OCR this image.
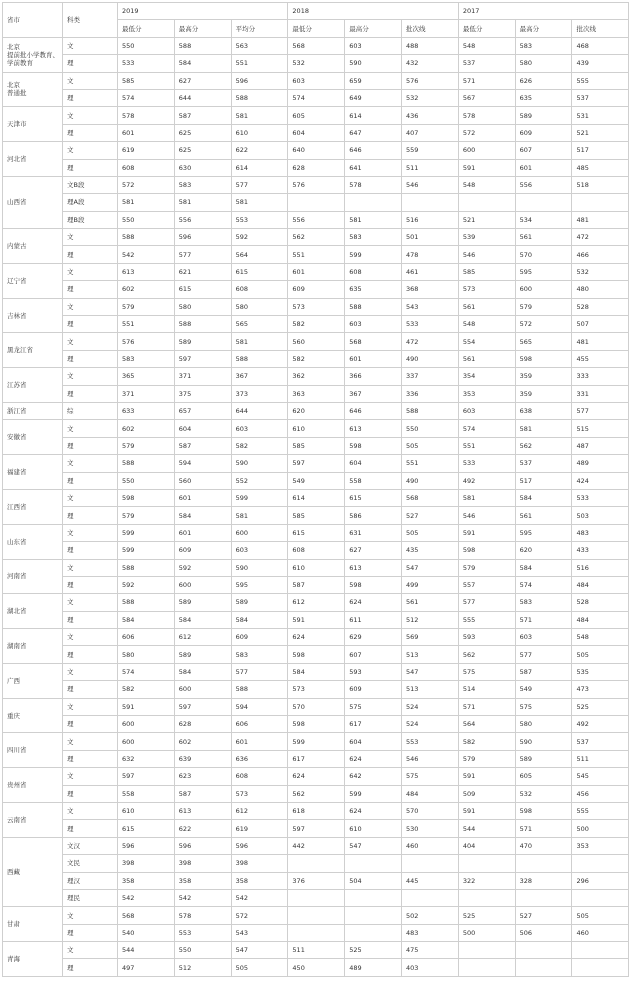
省市	科类	2019			2018			2017		
		最低分	最高分	平均分	最低分	最高分	批次线	最低分	最高分	批次线

北京
提前批小学教育、学前教育	文	550	588	563	568	603	488	548	583	468
	理	533	584	551	532	590	432	537	580	439

北京
普通批	文	585	627	596	603	659	576	571	626	555
	理	574	644	588	574	649	532	567	635	537

天津市	文	578	587	581	605	614	436	578	589	531
	理	601	625	610	604	647	407	572	609	521

河北省	文	619	625	622	640	646	559	600	607	517
	理	608	630	614	628	641	511	591	601	485

山西省	文B段	572	583	577	576	578	546	548	556	518
	理A段	581	581	581						
	理B段	550	556	553	556	581	516	521	534	481

内蒙古	文	588	596	592	562	583	501	539	561	472
	理	542	577	564	551	599	478	546	570	466

辽宁省	文	613	621	615	601	608	461	585	595	532
	理	602	615	608	609	635	368	573	600	480

吉林省	文	579	580	580	573	588	543	561	579	528
	理	551	588	565	582	603	533	548	572	507

黑龙江省	文	576	589	581	560	568	472	554	565	481
	理	583	597	588	582	601	490	561	598	455

江苏省	文	365	371	367	362	366	337	354	359	333
	理	371	375	373	363	367	336	353	359	331

浙江省	综	633	657	644	620	646	588	603	638	577

安徽省	文	602	604	603	610	613	550	574	581	515
	理	579	587	582	585	598	505	551	562	487

福建省	文	588	594	590	597	604	551	533	537	489
	理	550	560	552	549	558	490	492	517	424

江西省	文	598	601	599	614	615	568	581	584	533
	理	579	584	581	585	586	527	546	561	503

山东省	文	599	601	600	615	631	505	591	595	483
	理	599	609	603	608	627	435	598	620	433

河南省	文	588	592	590	610	613	547	579	584	516
	理	592	600	595	587	598	499	557	574	484

湖北省	文	588	589	589	612	624	561	577	583	528
	理	584	584	584	591	611	512	555	571	484

湖南省	文	606	612	609	624	629	569	593	603	548
	理	580	589	583	598	607	513	562	577	505

广西	文	574	584	577	584	593	547	575	587	535
	理	582	600	588	573	609	513	514	549	473

重庆	文	591	597	594	570	575	524	571	575	525
	理	600	628	606	598	617	524	564	580	492

四川省	文	600	602	601	599	604	553	582	590	537
	理	632	639	636	617	624	546	579	589	511

贵州省	文	597	623	608	624	642	575	591	605	545
	理	558	587	573	562	599	484	509	532	456

云南省	文	610	613	612	618	624	570	591	598	555
	理	615	622	619	597	610	530	544	571	500

西藏	文汉	596	596	596	442	547	460	404	470	353
	文民	398	398	398						
	理汉	358	358	358	376	504	445	322	328	296
	理民	542	542	542						

甘肃	文	568	578	572			502	525	527	505
	理	540	553	543			483	500	506	460

青海	文	544	550	547	511	525	475			
	理	497	512	505	450	489	403			
